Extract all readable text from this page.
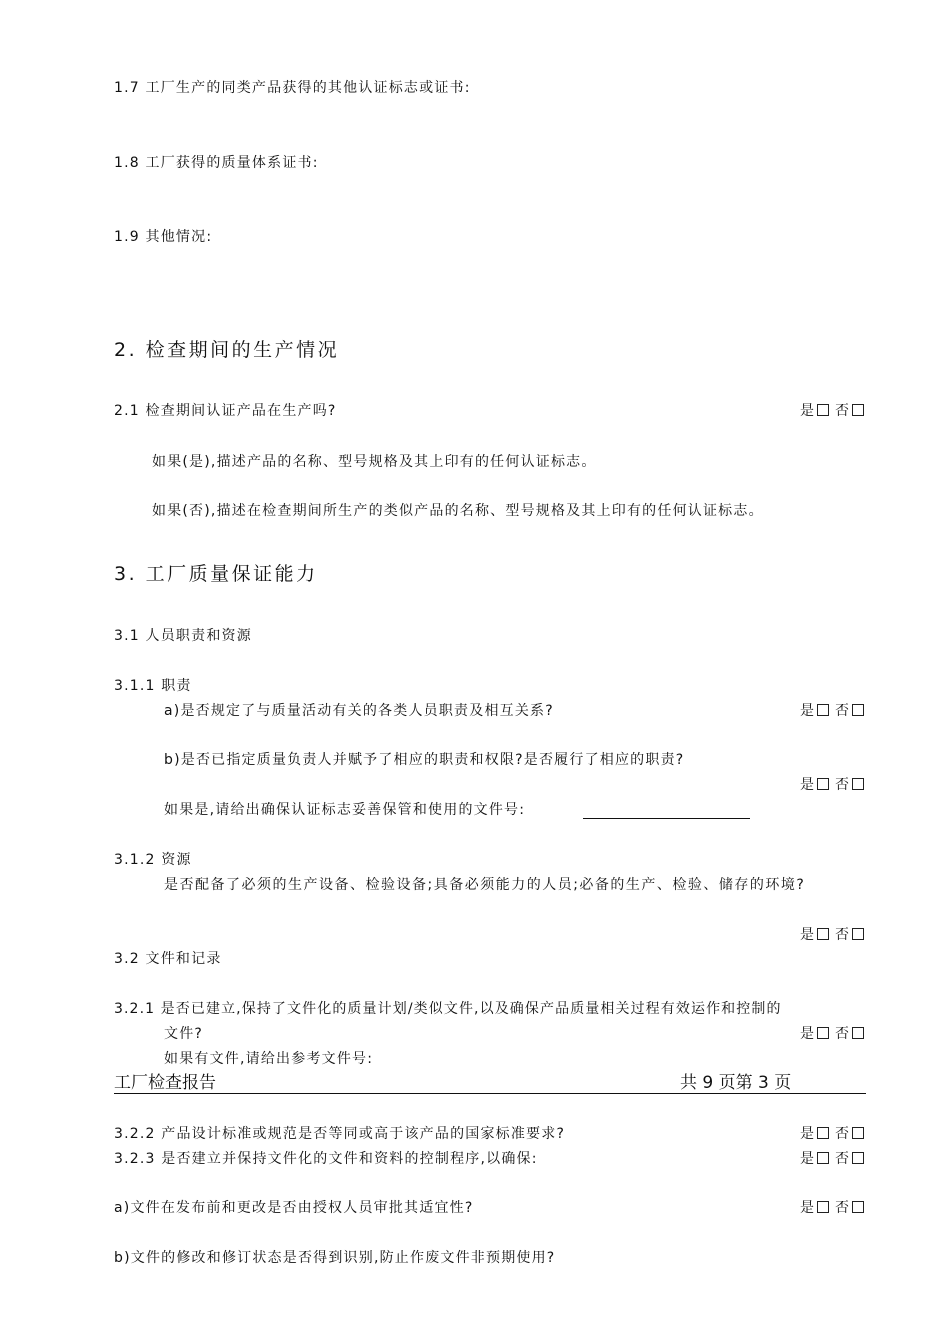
1.7 工厂生产的同类产品获得的其他认证标志或证书:
1.8 工厂获得的质量体系证书:
1.9 其他情况:
2. 检查期间的生产情况
2.1 检查期间认证产品在生产吗?	是 否
如果(是),描述产品的名称、型号规格及其上印有的任何认证标志。
如果(否),描述在检查期间所生产的类似产品的名称、型号规格及其上印有的任何认证标志。
3. 工厂质量保证能力
3.1 人员职责和资源
3.1.1 职责
a)是否规定了与质量活动有关的各类人员职责及相互关系?	是 否
b)是否已指定质量负责人并赋予了相应的职责和权限?是否履行了相应的职责?
是 否
如果是,请给出确保认证标志妥善保管和使用的文件号:
3.1.2 资源
是否配备了必须的生产设备、检验设备;具备必须能力的人员;必备的生产、检验、储存的环境?
是 否
3.2 文件和记录
3.2.1 是否已建立,保持了文件化的质量计划/类似文件,以及确保产品质量相关过程有效运作和控制的
文件?	是 否
如果有文件,请给出参考文件号:
工厂检查报告	共 9 页第 3 页
3.2.2 产品设计标准或规范是否等同或高于该产品的国家标准要求?	是 否
3.2.3 是否建立并保持文件化的文件和资料的控制程序,以确保:	是 否
a)文件在发布前和更改是否由授权人员审批其适宜性?	是 否
b)文件的修改和修订状态是否得到识别,防止作废文件非预期使用?
